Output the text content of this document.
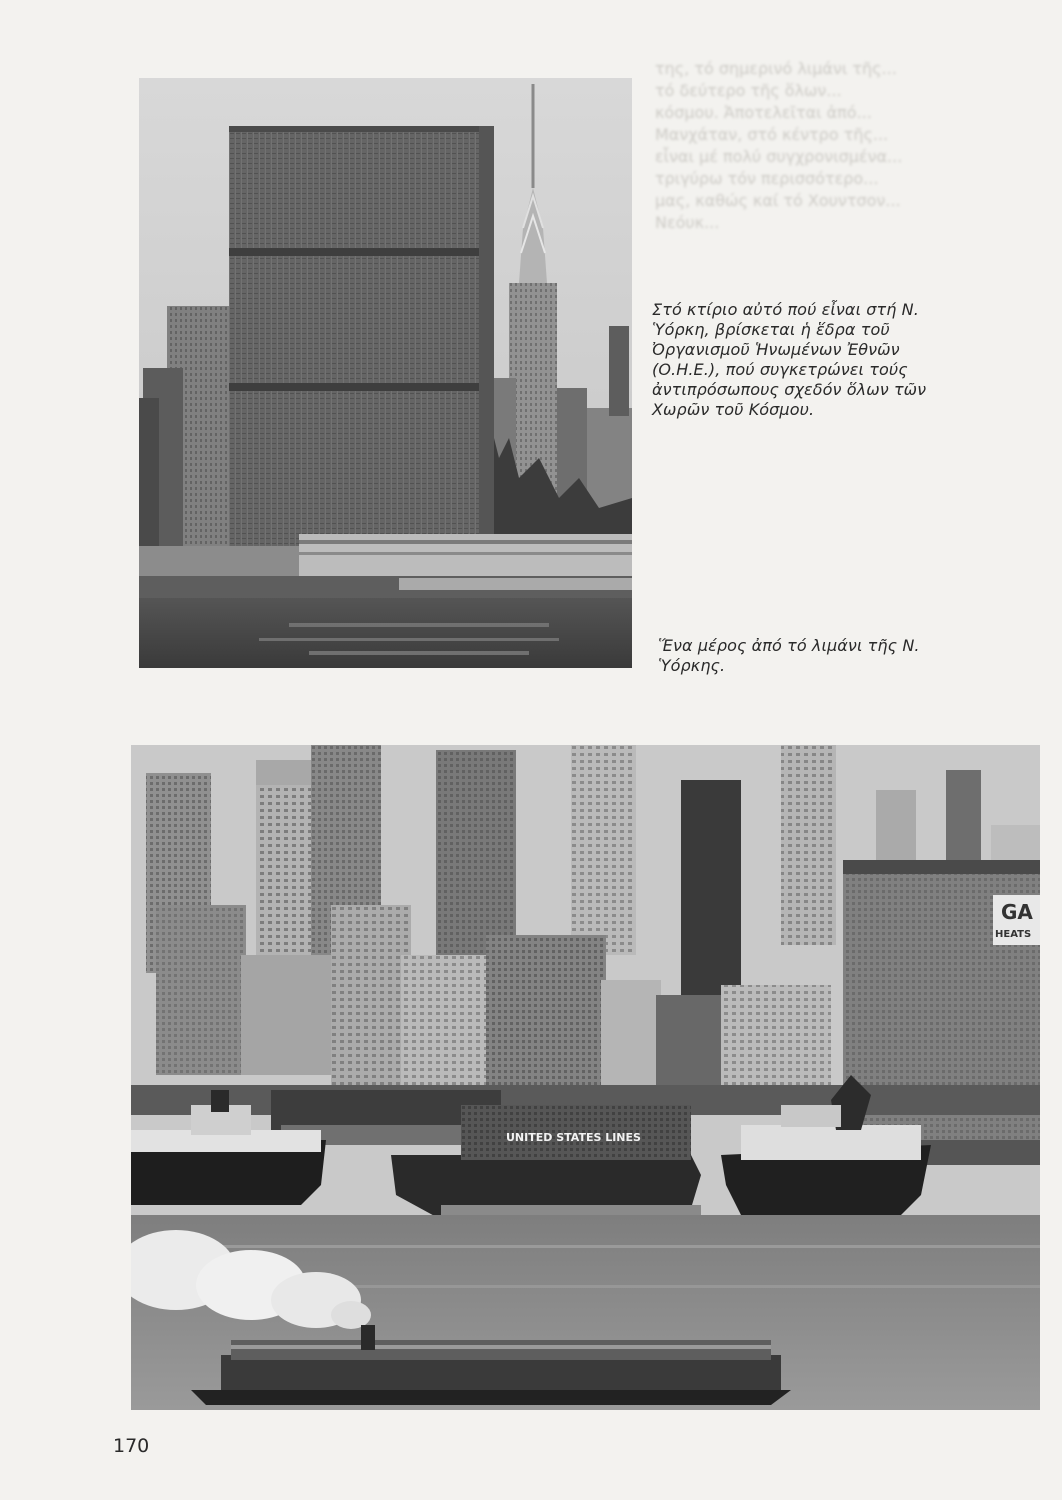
της, τό σημερινό λιμάνι τῆς...
τό δεύτερο τῆς ὅλων...
κόσμου. Ἀποτελεῖται ἀπό...
Μανχάταν, στό κέντρο τῆς...
εἶναι μέ πολύ συγχρονισμένα...
τριγύρω τόν περισσότερο...
μας, καθώς καί τό Χουντσον...
Νεόυκ...
Στό κτίριο αὐτό πού εἶναι στή Ν.
Ὑόρκη, βρίσκεται ἡ ἕδρα τοῦ
Ὀργανισμοῦ Ἡνωμένων Ἐθνῶν
(Ο.Η.Ε.), πού συγκετρώνει τούς
ἀντιπρόσωπους σχεδόν ὅλων τῶν
Χωρῶν τοῦ Κόσμου.
Ἕνα μέρος ἀπό τό λιμάνι τῆς Ν.
Ὑόρκης.
GA
HEATS
UNITED STATES LINES
170
